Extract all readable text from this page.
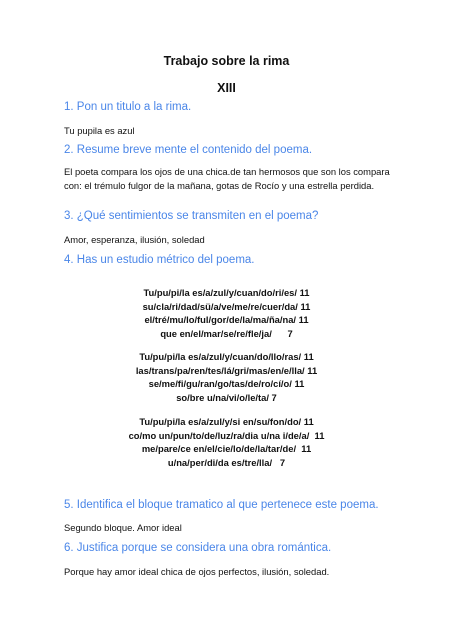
Trabajo sobre la rima
XIII
1. Pon un titulo a la rima.
Tu pupila es azul
2. Resume breve mente el contenido del poema.
El poeta compara los ojos de una chica.de tan hermosos que son los compara con: el trémulo fulgor de la mañana, gotas de Rocío y una estrella perdida.
3. ¿Qué sentimientos se transmiten en el poema?
Amor, esperanza, ilusión, soledad
4. Has un estudio métrico del poema.
Tu/pu/pi/la es/a/zul/y/cuan/do/ri/es/ 11
su/cla/ri/dad/sü/a/ve/me/re/cuer/da/ 11
el/tré/mu/lo/ful/gor/de/la/ma/ña/na/ 11
que en/el/mar/se/re/fle/ja/      7
Tu/pu/pi/la es/a/zul/y/cuan/do/llo/ras/ 11
las/trans/pa/ren/tes/lá/gri/mas/en/e/lla/ 11
se/me/fi/gu/ran/go/tas/de/ro/cí/o/ 11
so/bre u/na/vi/o/le/ta/ 7
Tu/pu/pi/la es/a/zul/y/si en/su/fon/do/ 11
co/mo un/pun/to/de/luz/ra/dia u/na i/de/a/  11
me/pare/ce en/el/cie/lo/de/la/tar/de/  11
u/na/per/di/da es/tre/lla/   7
5. Identifica el bloque tramatico al que pertenece este poema.
Segundo bloque. Amor ideal
6. Justifica porque se considera una obra romántica.
Porque hay amor ideal chica de ojos perfectos, ilusión, soledad.
